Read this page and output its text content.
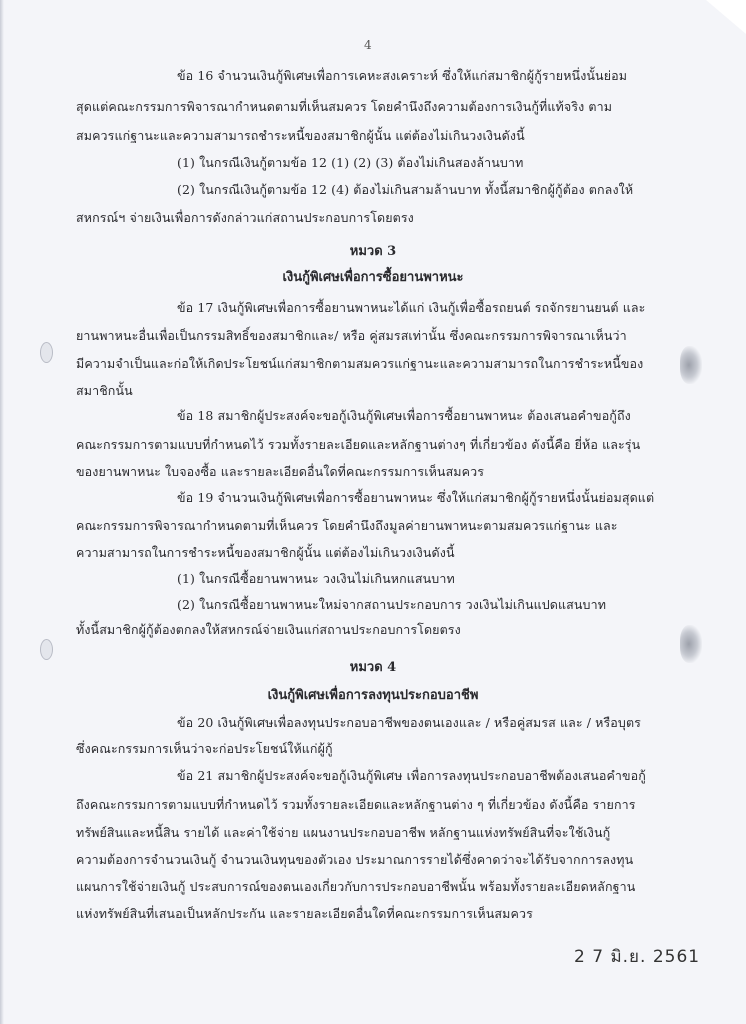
4
ข้อ 16 จำนวนเงินกู้พิเศษเพื่อการเคหะสงเคราะห์ ซึ่งให้แก่สมาชิกผู้กู้รายหนึ่งนั้นย่อม
สุดแต่คณะกรรมการพิจารณากำหนดตามที่เห็นสมควร โดยคำนึงถึงความต้องการเงินกู้ที่แท้จริง ตาม
สมควรแก่ฐานะและความสามารถชำระหนี้ของสมาชิกผู้นั้น แต่ต้องไม่เกินวงเงินดังนี้
(1) ในกรณีเงินกู้ตามข้อ 12 (1) (2) (3) ต้องไม่เกินสองล้านบาท
(2) ในกรณีเงินกู้ตามข้อ 12 (4) ต้องไม่เกินสามล้านบาท ทั้งนี้สมาชิกผู้กู้ต้อง ตกลงให้
สหกรณ์ฯ จ่ายเงินเพื่อการดังกล่าวแก่สถานประกอบการโดยตรง
หมวด 3
เงินกู้พิเศษเพื่อการซื้อยานพาหนะ
ข้อ 17 เงินกู้พิเศษเพื่อการซื้อยานพาหนะได้แก่ เงินกู้เพื่อซื้อรถยนต์ รถจักรยานยนต์ และ
ยานพาหนะอื่นเพื่อเป็นกรรมสิทธิ์ของสมาชิกและ/ หรือ คู่สมรสเท่านั้น ซึ่งคณะกรรมการพิจารณาเห็นว่า
มีความจำเป็นและก่อให้เกิดประโยชน์แก่สมาชิกตามสมควรแก่ฐานะและความสามารถในการชำระหนี้ของ
สมาชิกนั้น
ข้อ 18 สมาชิกผู้ประสงค์จะขอกู้เงินกู้พิเศษเพื่อการซื้อยานพาหนะ ต้องเสนอคำขอกู้ถึง
คณะกรรมการตามแบบที่กำหนดไว้ รวมทั้งรายละเอียดและหลักฐานต่างๆ ที่เกี่ยวข้อง ดังนี้คือ ยี่ห้อ และรุ่น
ของยานพาหนะ ใบจองซื้อ และรายละเอียดอื่นใดที่คณะกรรมการเห็นสมควร
ข้อ 19 จำนวนเงินกู้พิเศษเพื่อการซื้อยานพาหนะ ซึ่งให้แก่สมาชิกผู้กู้รายหนึ่งนั้นย่อมสุดแต่
คณะกรรมการพิจารณากำหนดตามที่เห็นควร โดยคำนึงถึงมูลค่ายานพาหนะตามสมควรแก่ฐานะ และ
ความสามารถในการชำระหนี้ของสมาชิกผู้นั้น แต่ต้องไม่เกินวงเงินดังนี้
(1) ในกรณีซื้อยานพาหนะ วงเงินไม่เกินหกแสนบาท
(2) ในกรณีซื้อยานพาหนะใหม่จากสถานประกอบการ วงเงินไม่เกินแปดแสนบาท
ทั้งนี้สมาชิกผู้กู้ต้องตกลงให้สหกรณ์จ่ายเงินแก่สถานประกอบการโดยตรง
หมวด 4
เงินกู้พิเศษเพื่อการลงทุนประกอบอาชีพ
ข้อ 20 เงินกู้พิเศษเพื่อลงทุนประกอบอาชีพของตนเองและ / หรือคู่สมรส และ / หรือบุตร
ซึ่งคณะกรรมการเห็นว่าจะก่อประโยชน์ให้แก่ผู้กู้
ข้อ 21 สมาชิกผู้ประสงค์จะขอกู้เงินกู้พิเศษ เพื่อการลงทุนประกอบอาชีพต้องเสนอคำขอกู้
ถึงคณะกรรมการตามแบบที่กำหนดไว้ รวมทั้งรายละเอียดและหลักฐานต่าง ๆ ที่เกี่ยวข้อง ดังนี้คือ รายการ
ทรัพย์สินและหนี้สิน รายได้ และค่าใช้จ่าย แผนงานประกอบอาชีพ หลักฐานแห่งทรัพย์สินที่จะใช้เงินกู้
ความต้องการจำนวนเงินกู้ จำนวนเงินทุนของตัวเอง ประมาณการรายได้ซึ่งคาดว่าจะได้รับจากการลงทุน
แผนการใช้จ่ายเงินกู้ ประสบการณ์ของตนเองเกี่ยวกับการประกอบอาชีพนั้น พร้อมทั้งรายละเอียดหลักฐาน
แห่งทรัพย์สินที่เสนอเป็นหลักประกัน และรายละเอียดอื่นใดที่คณะกรรมการเห็นสมควร
2 7 มิ.ย. 2561
